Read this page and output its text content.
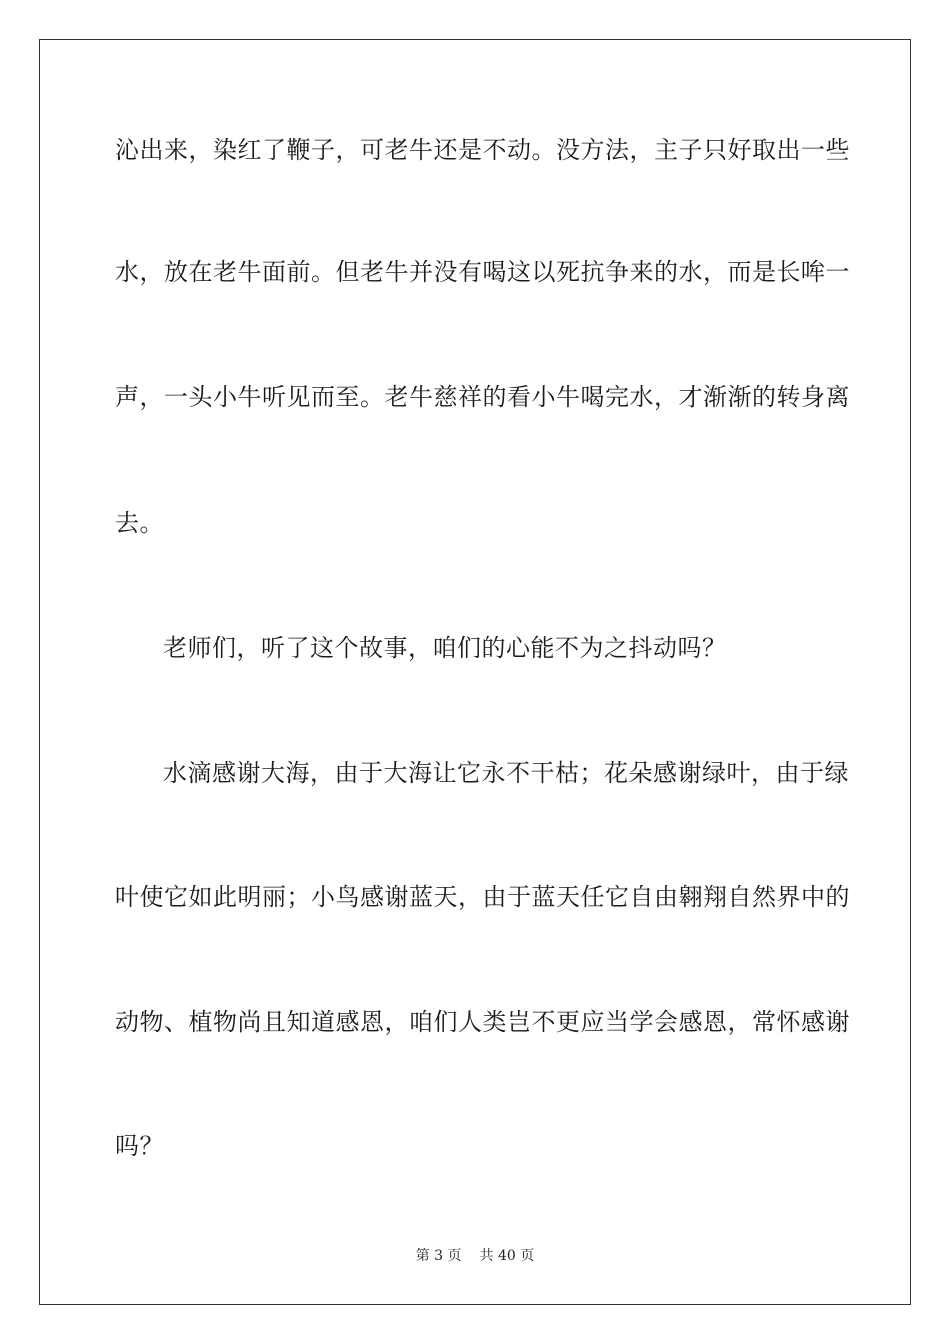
沁出来，染红了鞭子，可老牛还是不动。没方法，主子只好取出一些
水，放在老牛面前。但老牛并没有喝这以死抗争来的水，而是长哞一
声，一头小牛听见而至。老牛慈祥的看小牛喝完水，才渐渐的转身离
去。
老师们，听了这个故事，咱们的心能不为之抖动吗？
水滴感谢大海，由于大海让它永不干枯；花朵感谢绿叶，由于绿
叶使它如此明丽；小鸟感谢蓝天，由于蓝天任它自由翱翔自然界中的
动物、植物尚且知道感恩，咱们人类岂不更应当学会感恩，常怀感谢
吗？
第 3 页 共 40 页
